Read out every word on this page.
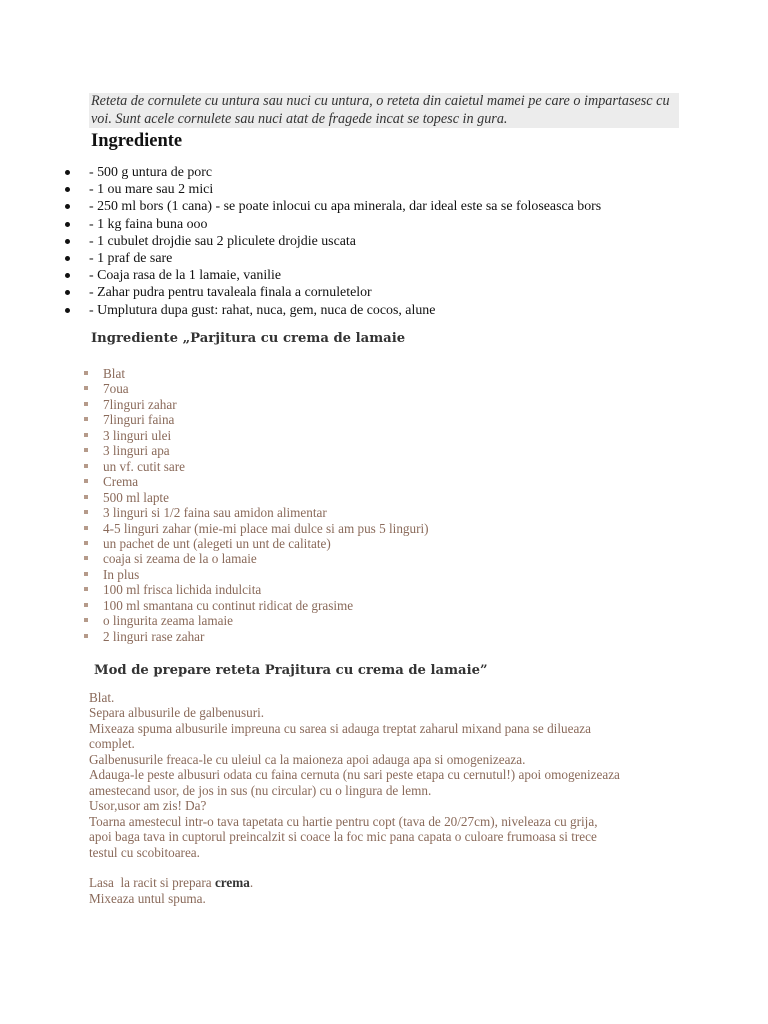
Reteta de cornulete cu untura sau nuci cu untura, o reteta din caietul mamei pe care o impartasesc cu voi. Sunt acele cornulete sau nuci atat de fragede incat se topesc in gura.
Ingrediente
- 500 g untura de porc
- 1 ou mare sau 2 mici
- 250 ml bors (1 cana) - se poate inlocui cu apa minerala, dar ideal este sa se foloseasca bors
- 1 kg faina buna ooo
- 1 cubulet drojdie sau 2 pliculete drojdie uscata
- 1 praf de sare
- Coaja rasa de la 1 lamaie, vanilie
- Zahar pudra pentru tavaleala finala a cornuletelor
- Umplutura dupa gust: rahat, nuca, gem, nuca de cocos, alune
Ingrediente „Parjitura cu crema de lamaie
Blat
7oua
7linguri zahar
7linguri faina
3 linguri ulei
3 linguri apa
un vf. cutit sare
Crema
500 ml lapte
3 linguri si 1/2 faina sau amidon alimentar
4-5 linguri zahar (mie-mi place mai dulce si am pus 5 linguri)
un pachet de unt (alegeti un unt de calitate)
coaja si zeama de la o lamaie
In plus
100 ml frisca lichida indulcita
100 ml smantana cu continut ridicat de grasime
o lingurita zeama lamaie
2 linguri rase zahar
Mod de prepare reteta Prajitura cu crema de lamaie”
Blat.
Separa albusurile de galbenusuri.
Mixeaza spuma albusurile impreuna cu sarea si adauga treptat zaharul mixand pana se dilueaza
complet.
Galbenusurile freaca-le cu uleiul ca la maioneza apoi adauga apa si omogenizeaza.
Adauga-le peste albusuri odata cu faina cernuta (nu sari peste etapa cu cernutul!) apoi omogenizeaza
amestecand usor, de jos in sus (nu circular) cu o lingura de lemn.
Usor,usor am zis! Da?
Toarna amestecul intr-o tava tapetata cu hartie pentru copt (tava de 20/27cm), niveleaza cu grija,
apoi baga tava in cuptorul preincalzit si coace la foc mic pana capata o culoare frumoasa si trece
testul cu scobitoarea.

Lasa  la racit si prepara crema.
Mixeaza untul spuma.
